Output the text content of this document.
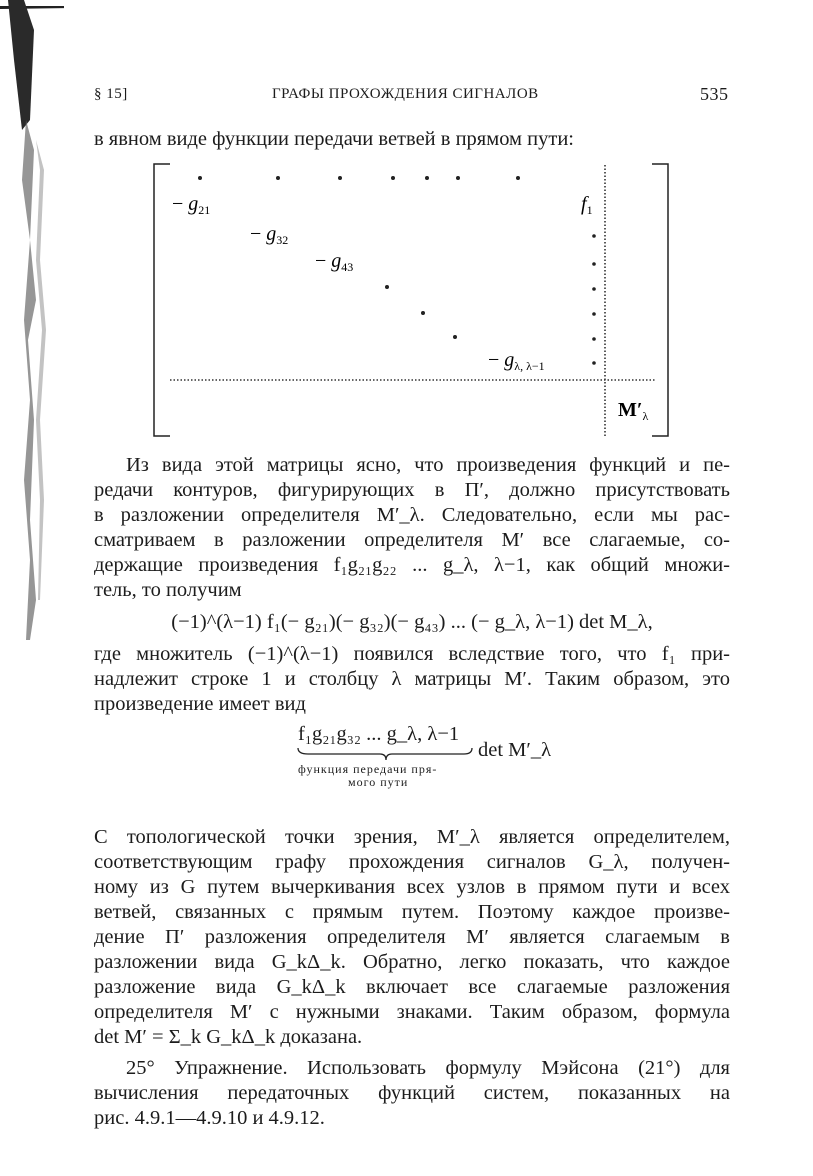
§ 15]	ГРАФЫ ПРОХОЖДЕНИЯ СИГНАЛОВ	535
в явном виде функции передачи ветвей в прямом пути:
− $g_{21}$
− $g_{32}$
− $g_{43}$
− $g_{\lambda, \lambda-1}$
$f_1$
$M'_\lambda$
Из вида этой матрицы ясно, что произведения функций и пе-
редачи контуров, фигурирующих в П′, должно присутствовать
в разложении определителя M′_λ. Следовательно, если мы рас-
сматриваем в разложении определителя M′ все слагаемые, со-
держащие произведения f₁g₂₁g₂₂ ... g_λ, λ−1, как общий множи-
тель, то получим
(−1)^(λ−1) f₁(− g₂₁)(− g₃₂)(− g₄₃) ... (− g_λ, λ−1) det M_λ,
где множитель (−1)^(λ−1) появился вследствие того, что f₁ при-
надлежит строке 1 и столбцу λ матрицы M′. Таким образом, это
произведение имеет вид
f₁g₂₁g₃₂ ... g_λ, λ−1
det M′_λ
функция передачи пря-
мого пути
С топологической точки зрения, M′_λ является определителем,
соответствующим графу прохождения сигналов G_λ, получен-
ному из G путем вычеркивания всех узлов в прямом пути и всех
ветвей, связанных с прямым путем. Поэтому каждое произве-
дение П′ разложения определителя M′ является слагаемым в
разложении вида G_kΔ_k. Обратно, легко показать, что каждое
разложение вида G_kΔ_k включает все слагаемые разложения
определителя M′ с нужными знаками. Таким образом, формула
det M′ = Σ_k G_kΔ_k доказана.
25° Упражнение. Использовать формулу Мэйсона (21°) для
вычисления передаточных функций систем, показанных на
рис. 4.9.1—4.9.10 и 4.9.12.
